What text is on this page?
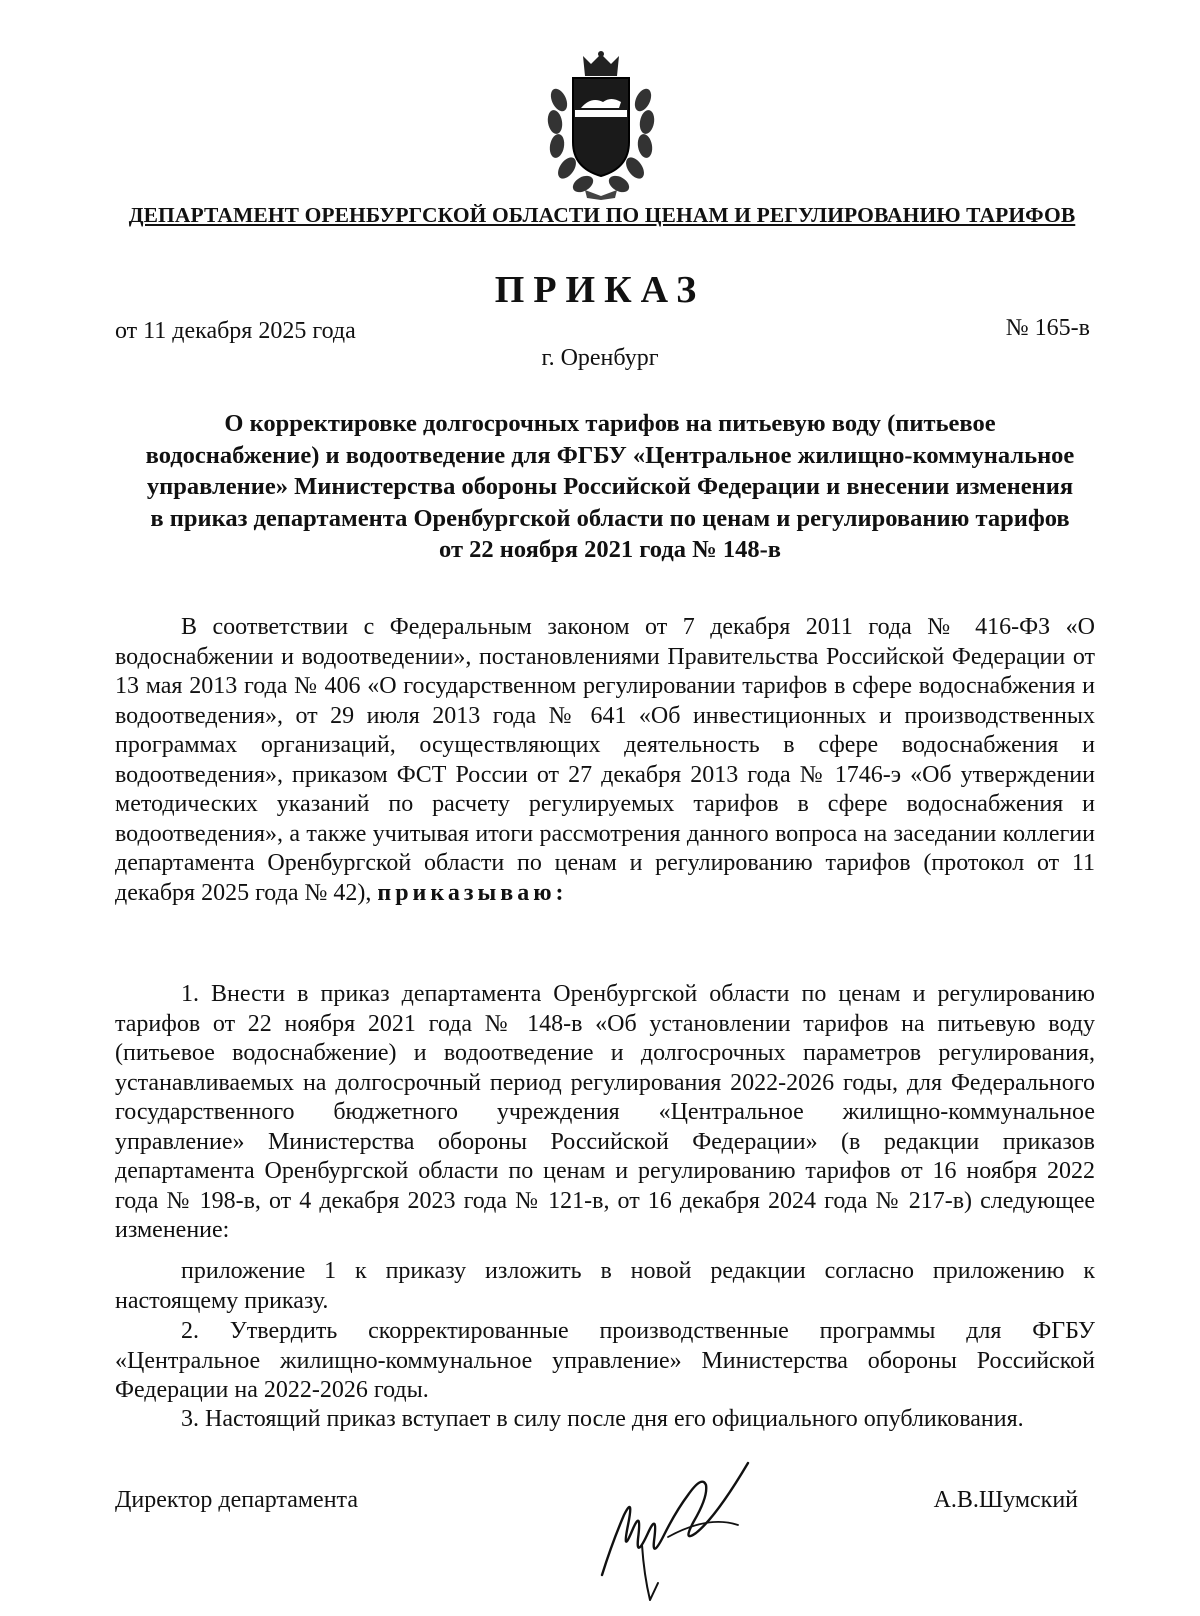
ДЕПАРТАМЕНТ ОРЕНБУРГСКОЙ ОБЛАСТИ ПО ЦЕНАМ И РЕГУЛИРОВАНИЮ ТАРИФОВ
ПРИКАЗ
от 11 декабря 2025 года	№ 165-в
г. Оренбург
О корректировке долгосрочных тарифов на питьевую воду (питьевое водоснабжение) и водоотведение для ФГБУ «Центральное жилищно-коммунальное управление» Министерства обороны Российской Федерации и внесении изменения в приказ департамента Оренбургской области по ценам и регулированию тарифов от 22 ноября 2021 года № 148-в

В соответствии с Федеральным законом от 7 декабря 2011 года № 416-ФЗ «О водоснабжении и водоотведении», постановлениями Правительства Российской Федерации от 13 мая 2013 года № 406 «О государственном регулировании тарифов в сфере водоснабжения и водоотведения», от 29 июля 2013 года № 641 «Об инвестиционных и производственных программах организаций, осуществляющих деятельность в сфере водоснабжения и водоотведения», приказом ФСТ России от 27 декабря 2013 года № 1746-э «Об утверждении методических указаний по расчету регулируемых тарифов в сфере водоснабжения и водоотведения», а также учитывая итоги рассмотрения данного вопроса на заседании коллегии департамента Оренбургской области по ценам и регулированию тарифов (протокол от 11 декабря 2025 года № 42), приказываю:

1. Внести в приказ департамента Оренбургской области по ценам и регулированию тарифов от 22 ноября 2021 года № 148-в «Об установлении тарифов на питьевую воду (питьевое водоснабжение) и водоотведение и долгосрочных параметров регулирования, устанавливаемых на долгосрочный период регулирования 2022-2026 годы, для Федерального государственного бюджетного учреждения «Центральное жилищно-коммунальное управление» Министерства обороны Российской Федерации» (в редакции приказов департамента Оренбургской области по ценам и регулированию тарифов от 16 ноября 2022 года № 198-в, от 4 декабря 2023 года № 121-в, от 16 декабря 2024 года № 217-в) следующее изменение:

приложение 1 к приказу изложить в новой редакции согласно приложению к настоящему приказу.

2. Утвердить скорректированные производственные программы для ФГБУ «Центральное жилищно-коммунальное управление» Министерства обороны Российской Федерации на 2022-2026 годы.

3. Настоящий приказ вступает в силу после дня его официального опубликования.

Директор департамента	А.В.Шумский
